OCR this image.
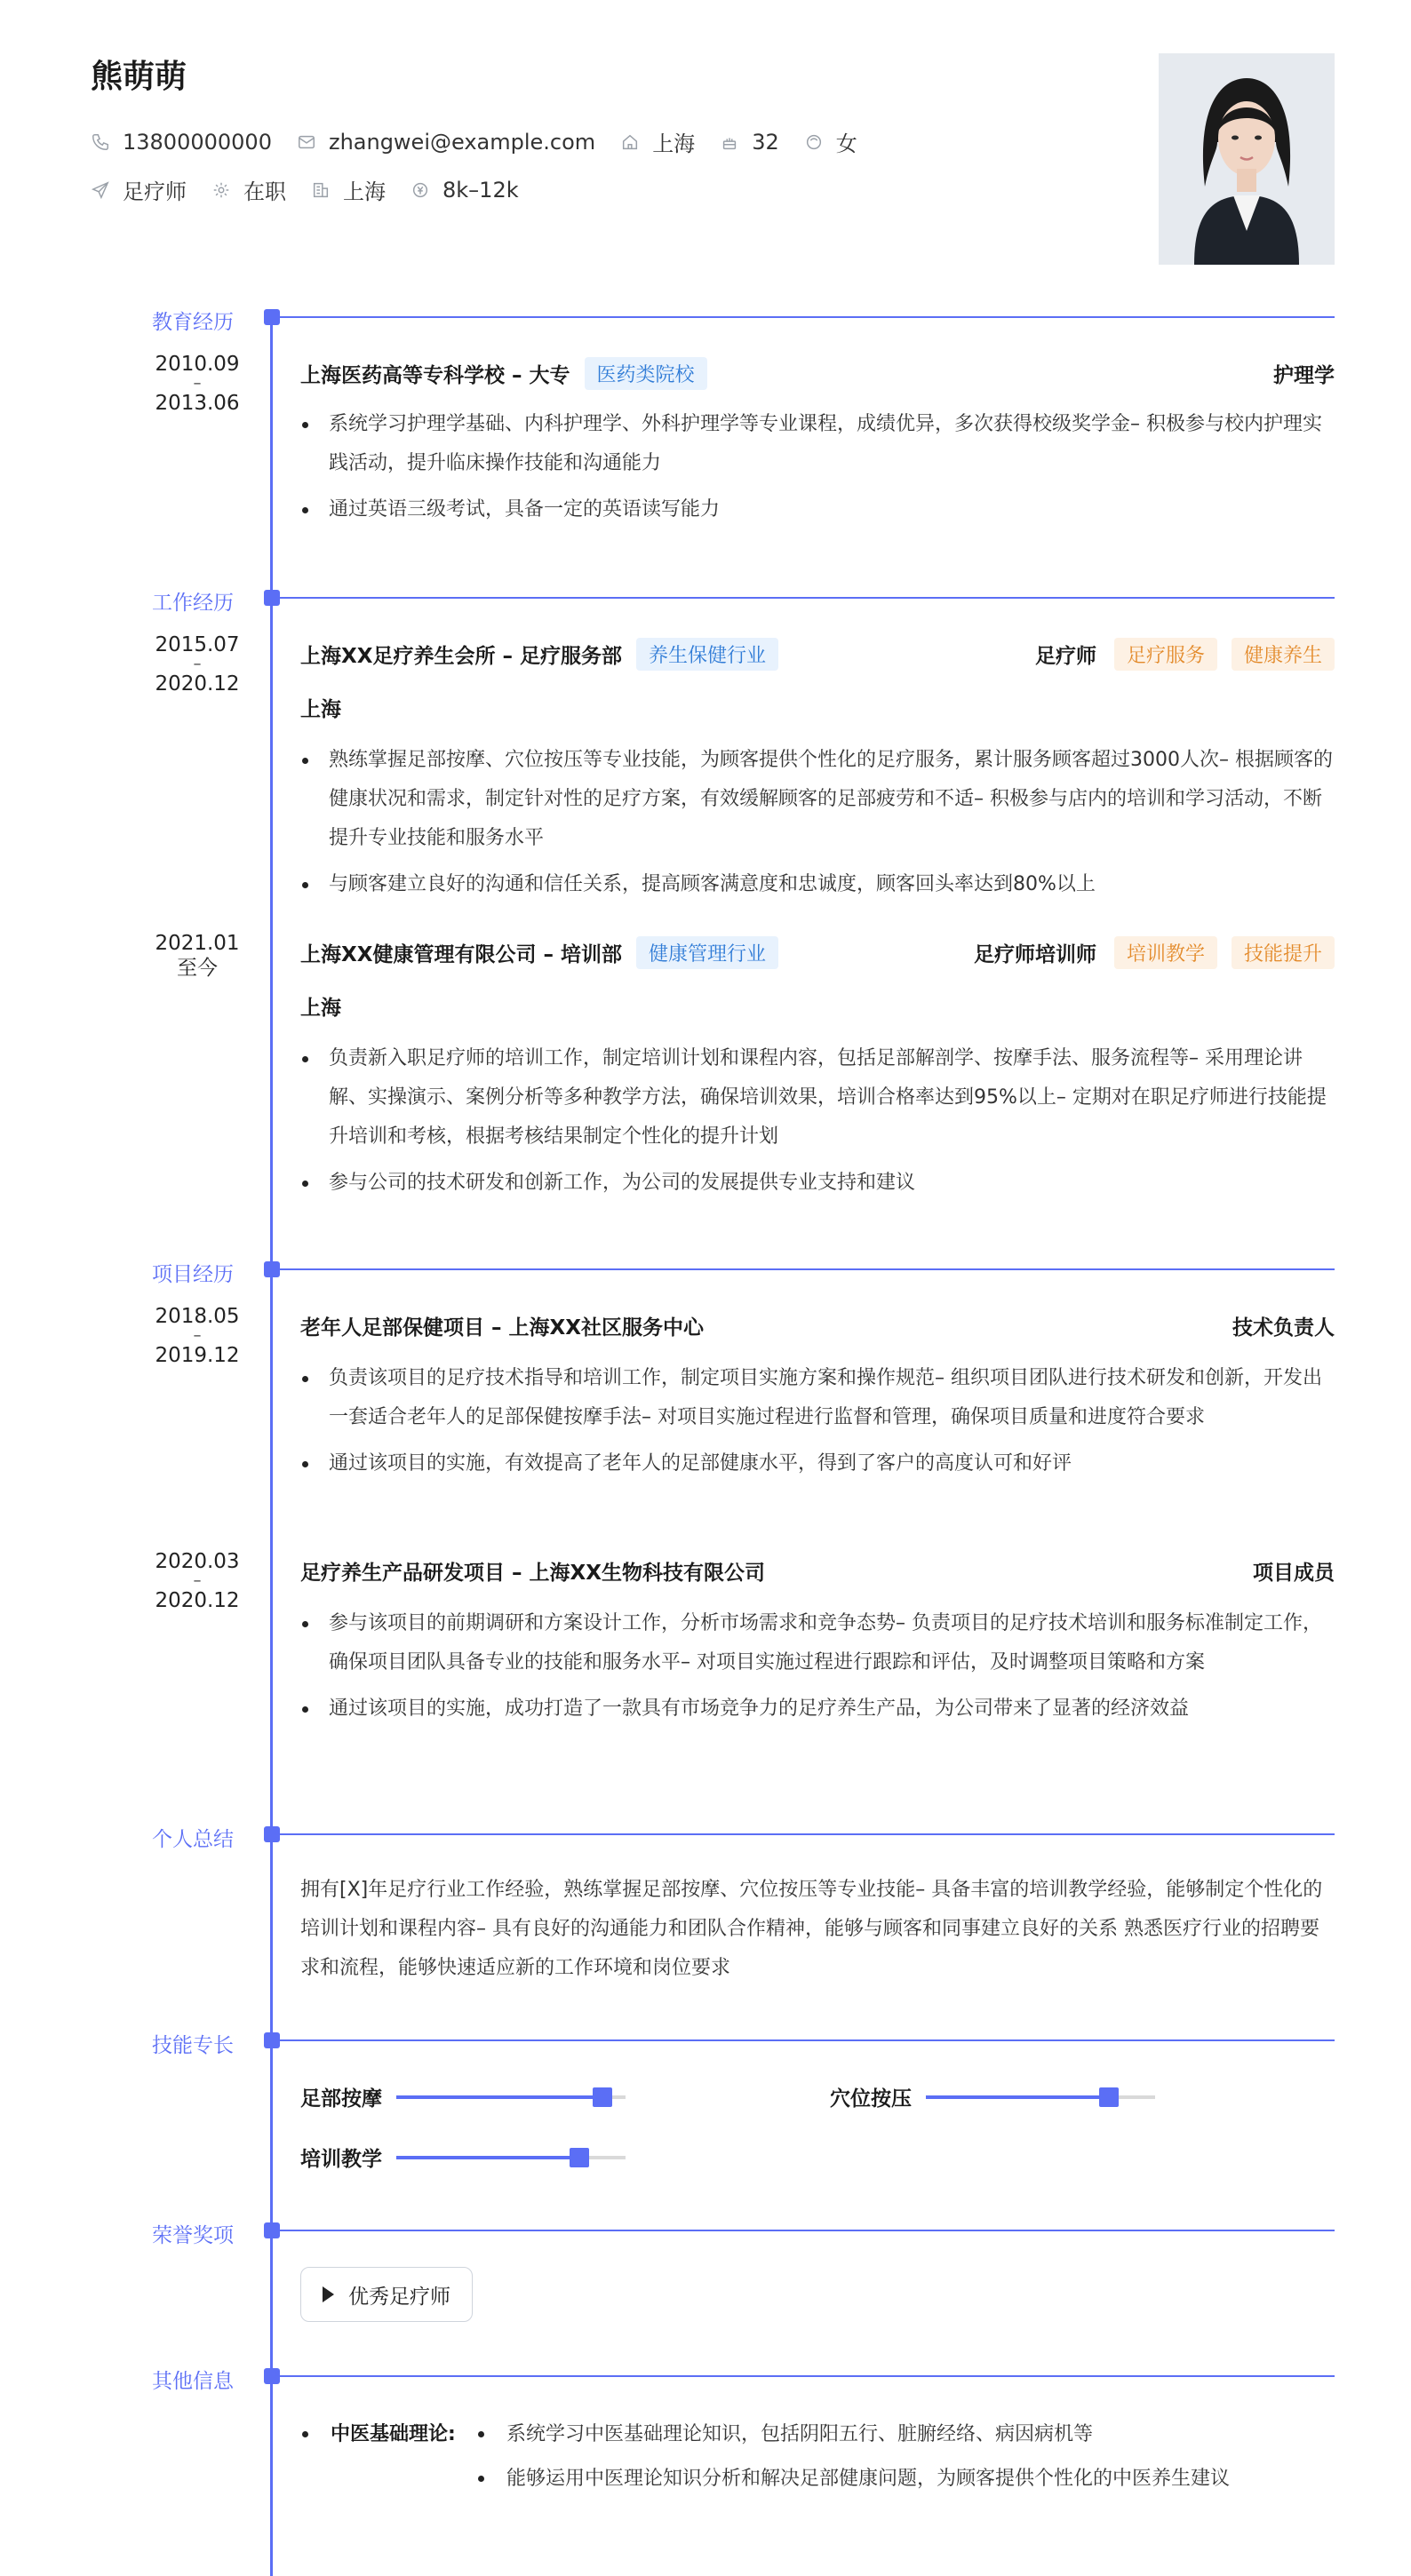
熊萌萌
13800000000	zhangwei@example.com	上海	32	女
足疗师	在职	上海	8k–12k
教育经历
2010.09
–
2013.06
上海医药高等专科学校 – 大专	医药类院校	护理学
系统学习护理学基础、内科护理学、外科护理学等专业课程，成绩优异，多次获得校级奖学金– 积极参与校内护理实践活动，提升临床操作技能和沟通能力
通过英语三级考试，具备一定的英语读写能力
工作经历
2015.07
–
2020.12
上海XX足疗养生会所 – 足疗服务部	养生保健行业	足疗师	足疗服务	健康养生
上海
熟练掌握足部按摩、穴位按压等专业技能，为顾客提供个性化的足疗服务，累计服务顾客超过3000人次– 根据顾客的健康状况和需求，制定针对性的足疗方案，有效缓解顾客的足部疲劳和不适– 积极参与店内的培训和学习活动，不断提升专业技能和服务水平
与顾客建立良好的沟通和信任关系，提高顾客满意度和忠诚度，顾客回头率达到80%以上
2021.01
至今
上海XX健康管理有限公司 – 培训部	健康管理行业	足疗师培训师	培训教学	技能提升
上海
负责新入职足疗师的培训工作，制定培训计划和课程内容，包括足部解剖学、按摩手法、服务流程等– 采用理论讲解、实操演示、案例分析等多种教学方法，确保培训效果，培训合格率达到95%以上– 定期对在职足疗师进行技能提升培训和考核，根据考核结果制定个性化的提升计划
参与公司的技术研发和创新工作，为公司的发展提供专业支持和建议
项目经历
2018.05
–
2019.12
老年人足部保健项目 – 上海XX社区服务中心	技术负责人
负责该项目的足疗技术指导和培训工作，制定项目实施方案和操作规范– 组织项目团队进行技术研发和创新，开发出一套适合老年人的足部保健按摩手法– 对项目实施过程进行监督和管理，确保项目质量和进度符合要求
通过该项目的实施，有效提高了老年人的足部健康水平，得到了客户的高度认可和好评
2020.03
–
2020.12
足疗养生产品研发项目 – 上海XX生物科技有限公司	项目成员
参与该项目的前期调研和方案设计工作，分析市场需求和竞争态势– 负责项目的足疗技术培训和服务标准制定工作，确保项目团队具备专业的技能和服务水平– 对项目实施过程进行跟踪和评估，及时调整项目策略和方案
通过该项目的实施，成功打造了一款具有市场竞争力的足疗养生产品，为公司带来了显著的经济效益
个人总结
拥有[X]年足疗行业工作经验，熟练掌握足部按摩、穴位按压等专业技能– 具备丰富的培训教学经验，能够制定个性化的培训计划和课程内容– 具有良好的沟通能力和团队合作精神，能够与顾客和同事建立良好的关系 熟悉医疗行业的招聘要求和流程，能够快速适应新的工作环境和岗位要求
技能专长
足部按摩	穴位按压
培训教学
荣誉奖项
优秀足疗师
其他信息
中医基础理论:	系统学习中医基础理论知识，包括阴阳五行、脏腑经络、病因病机等
能够运用中医理论知识分析和解决足部健康问题，为顾客提供个性化的中医养生建议
